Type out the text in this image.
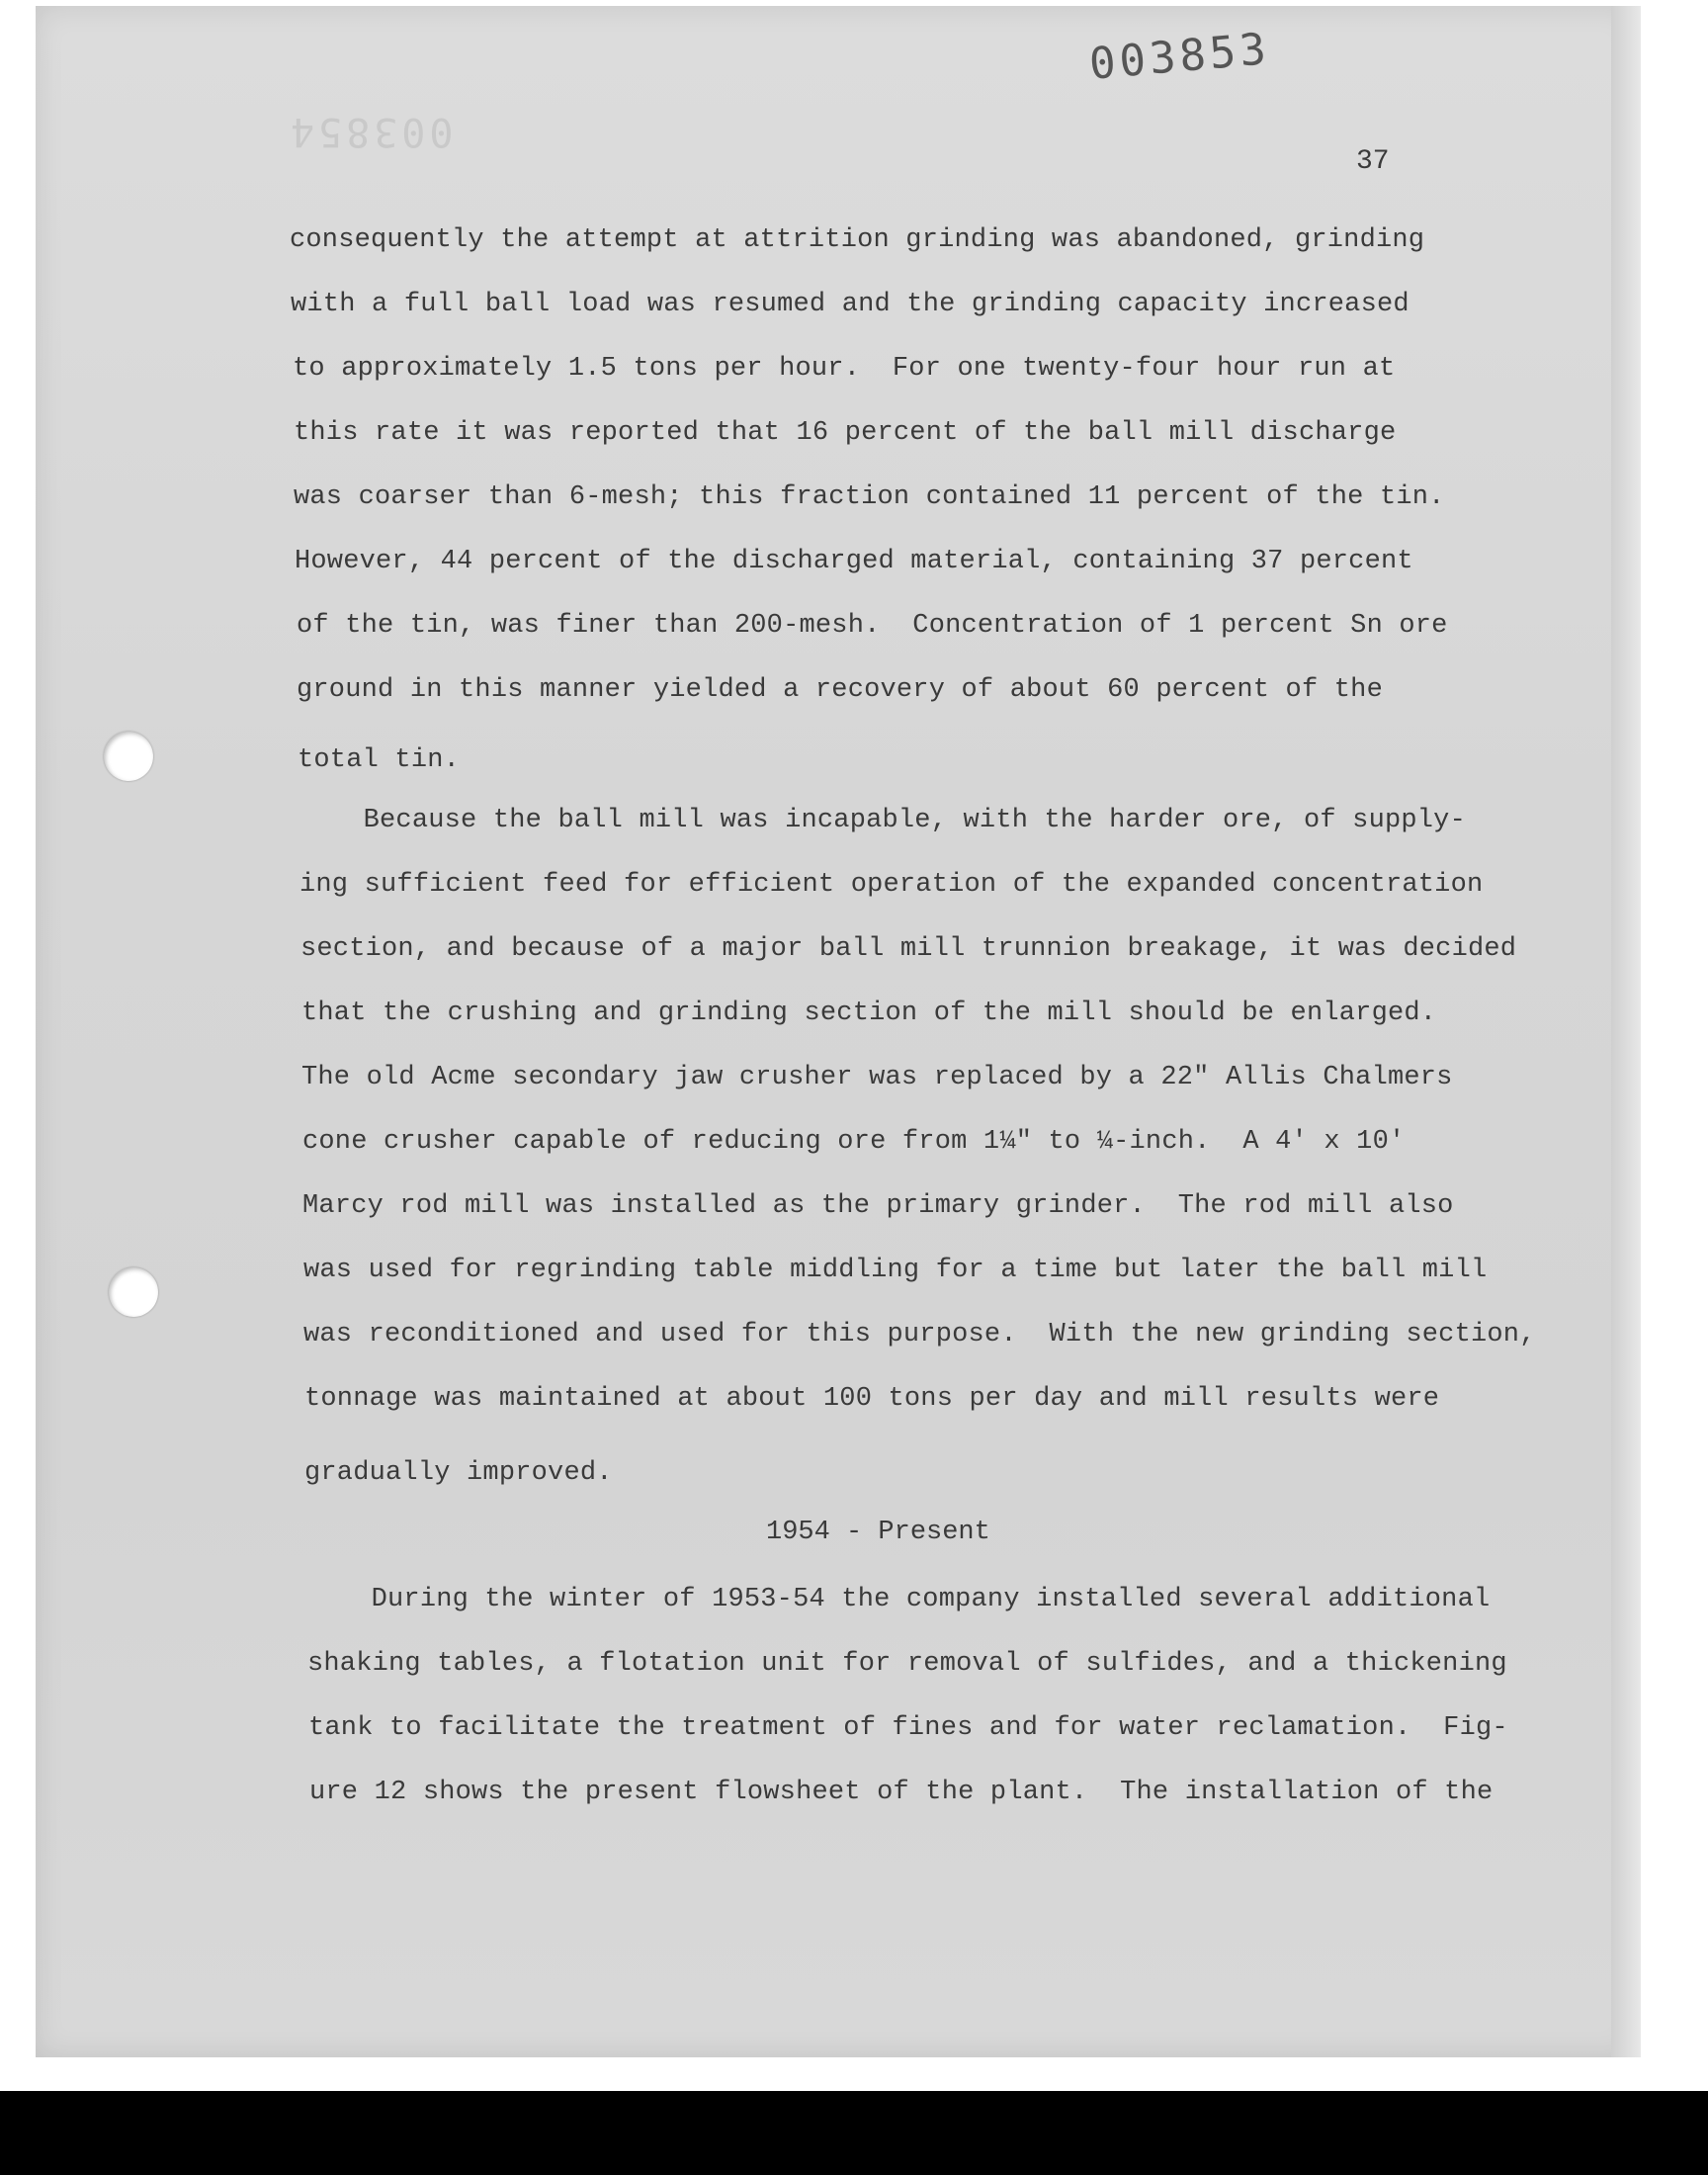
003854
003853
37
consequently the attempt at attrition grinding was abandoned, grinding
with a full ball load was resumed and the grinding capacity increased
to approximately 1.5 tons per hour.  For one twenty-four hour run at
this rate it was reported that 16 percent of the ball mill discharge
was coarser than 6-mesh; this fraction contained 11 percent of the tin.
However, 44 percent of the discharged material, containing 37 percent
of the tin, was finer than 200-mesh.  Concentration of 1 percent Sn ore
ground in this manner yielded a recovery of about 60 percent of the
total tin.
Because the ball mill was incapable, with the harder ore, of supply-
ing sufficient feed for efficient operation of the expanded concentration
section, and because of a major ball mill trunnion breakage, it was decided
that the crushing and grinding section of the mill should be enlarged.
The old Acme secondary jaw crusher was replaced by a 22" Allis Chalmers
cone crusher capable of reducing ore from 1¼" to ¼-inch.  A 4' x 10'
Marcy rod mill was installed as the primary grinder.  The rod mill also
was used for regrinding table middling for a time but later the ball mill
was reconditioned and used for this purpose.  With the new grinding section,
tonnage was maintained at about 100 tons per day and mill results were
gradually improved.
1954 - Present
During the winter of 1953-54 the company installed several additional
shaking tables, a flotation unit for removal of sulfides, and a thickening
tank to facilitate the treatment of fines and for water reclamation.  Fig-
ure 12 shows the present flowsheet of the plant.  The installation of the
